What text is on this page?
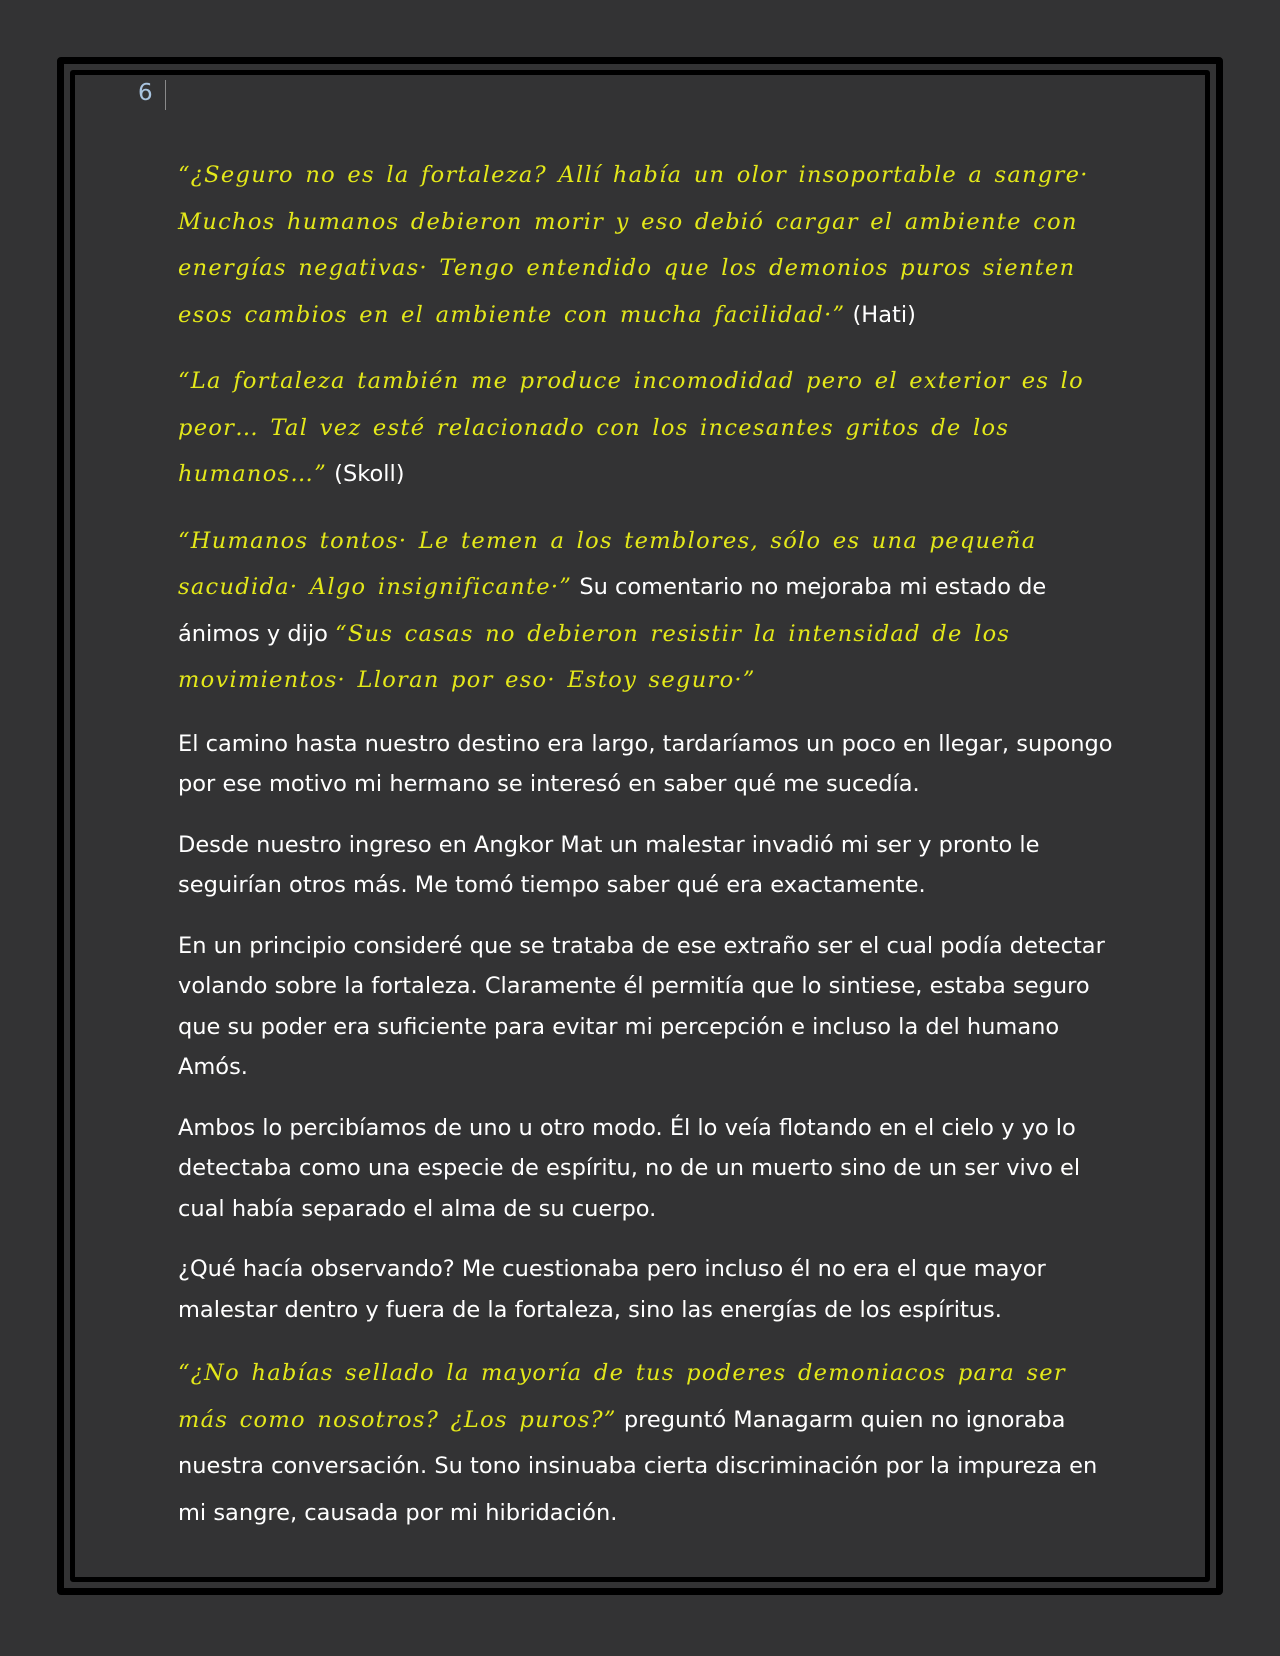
6

“¿Seguro no es la fortaleza? Allí había un olor insoportable a sangre· Muchos humanos debieron morir y eso debió cargar el ambiente con energías negativas· Tengo entendido que los demonios puros sienten esos cambios en el ambiente con mucha facilidad·” (Hati)

“La fortaleza también me produce incomodidad pero el exterior es lo peor… Tal vez esté relacionado con los incesantes gritos de los humanos…” (Skoll)

“Humanos tontos· Le temen a los temblores, sólo es una pequeña sacudida· Algo insignificante·” Su comentario no mejoraba mi estado de ánimos y dijo “Sus casas no debieron resistir la intensidad de los movimientos· Lloran por eso· Estoy seguro·”

El camino hasta nuestro destino era largo, tardaríamos un poco en llegar, supongo por ese motivo mi hermano se interesó en saber qué me sucedía.

Desde nuestro ingreso en Angkor Mat un malestar invadió mi ser y pronto le seguirían otros más. Me tomó tiempo saber qué era exactamente.

En un principio consideré que se trataba de ese extraño ser el cual podía detectar volando sobre la fortaleza. Claramente él permitía que lo sintiese, estaba seguro que su poder era suficiente para evitar mi percepción e incluso la del humano Amós.

Ambos lo percibíamos de uno u otro modo. Él lo veía flotando en el cielo y yo lo detectaba como una especie de espíritu, no de un muerto sino de un ser vivo el cual había separado el alma de su cuerpo.

¿Qué hacía observando? Me cuestionaba pero incluso él no era el que mayor malestar dentro y fuera de la fortaleza, sino las energías de los espíritus.

“¿No habías sellado la mayoría de tus poderes demoniacos para ser más como nosotros? ¿Los puros?” preguntó Managarm quien no ignoraba nuestra conversación. Su tono insinuaba cierta discriminación por la impureza en mi sangre, causada por mi hibridación.
